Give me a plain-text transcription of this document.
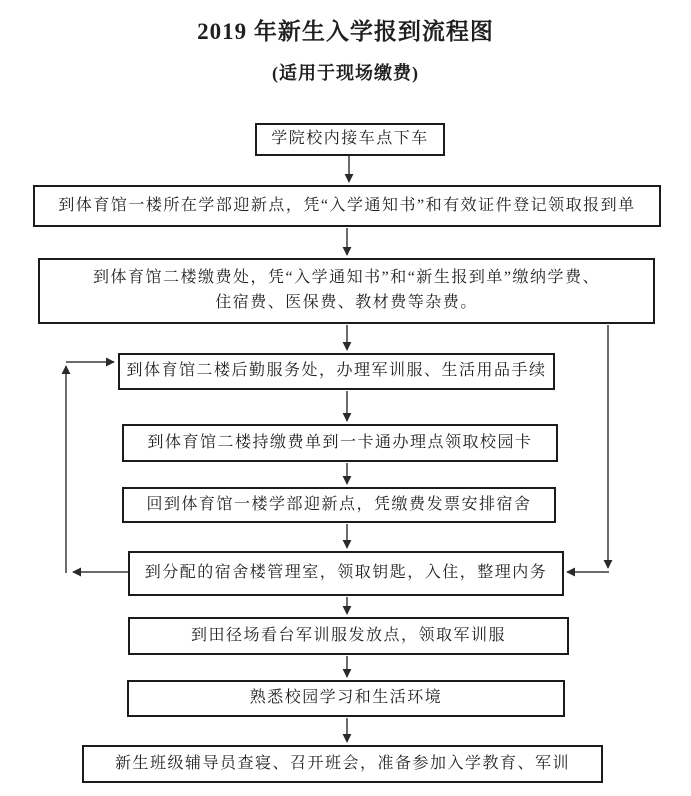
2019 年新生入学报到流程图
(适用于现场缴费)
学院校内接车点下车
到体育馆一楼所在学部迎新点，凭“入学通知书”和有效证件登记领取报到单
到体育馆二楼缴费处，凭“入学通知书”和“新生报到单”缴纳学费、
住宿费、医保费、教材费等杂费。
到体育馆二楼后勤服务处，办理军训服、生活用品手续
到体育馆二楼持缴费单到一卡通办理点领取校园卡
回到体育馆一楼学部迎新点，凭缴费发票安排宿舍
到分配的宿舍楼管理室，领取钥匙，入住，整理内务
到田径场看台军训服发放点，领取军训服
熟悉校园学习和生活环境
新生班级辅导员查寝、召开班会，准备参加入学教育、军训
